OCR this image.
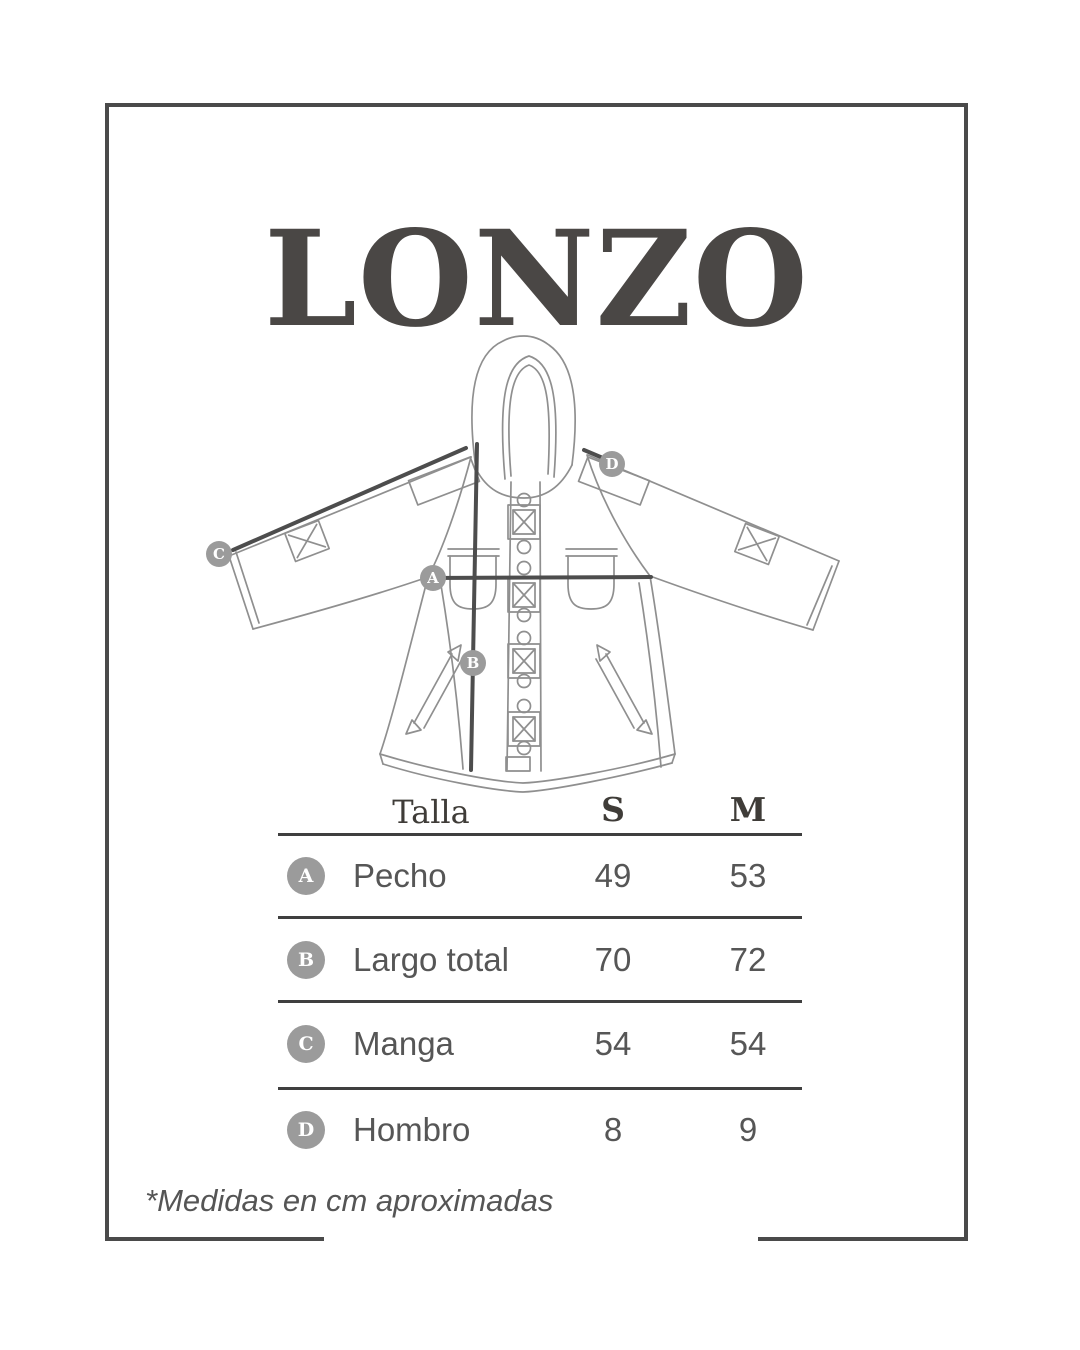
LONZO
A
B
C
D

Talla	S	M

A	Pecho	49	53
B	Largo total	70	72
C	Manga	54	54
D	Hombro	8	9

*Medidas en cm aproximadas
